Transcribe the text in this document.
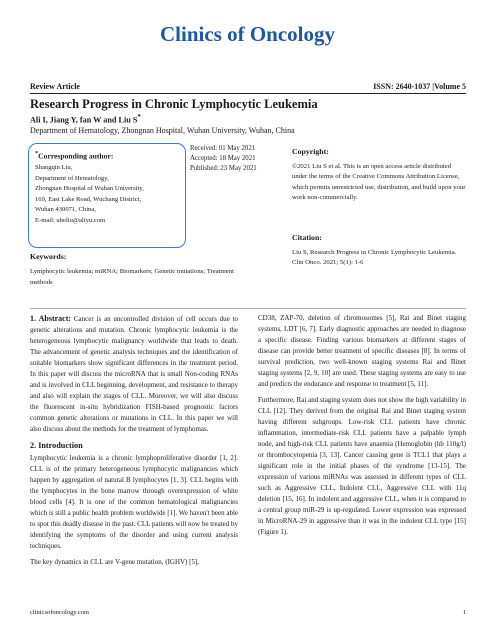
Clinics of Oncology
Review Article	ISSN: 2640-1037 |Volume 5
Research Progress in Chronic Lymphocytic Leukemia
Ali I, Jiang Y, fan W and Liu S*
Department of Hematology, Zhongnan Hospital, Wuhan University, Wuhan, China
*Corresponding author:
Shangqin Liu,
Department of Hematology,
Zhongnan Hospital of Wuhan University,
169, East Lake Road, Wuchang District,
Wuhan 430071, China,
E-mail: ubeliu@aliyu.com
Received: 01 May 2021
Accepted: 18 May 2021
Published: 23 May 2021
Copyright:
©2021 Liu S et al. This is an open access article distributed under the terms of the Creative Commons Attribution License, which permits unrestricted use, distribution, and build upon your work non-commercially.
Citation:
Liu S, Research Progress in Chronic Lymphocytic Leukemia. Clin Onco. 2021; 5(1): 1-6
Keywords:
Lymphocytic leukemia; miRNA; Biomarkers; Genetic mutations; Treatment methods

1. Abstract: Cancer is an uncontrolled division of cell occurs due to genetic alterations and mutation. Chronic lymphocytic leukemia is the heterogeneous lymphocytic malignancy worldwide that leads to death. The advancement of genetic analysis techniques and the identification of suitable biomarkers show significant differences in the treatment period. In this paper will discuss the microRNA that is small Non-coding RNAs and is involved in CLL beginning, development, and resistance to therapy and also will explain the stages of CLL. Moreover, we will also discuss the fluorescent in-situ hybridization FISH-based prognostic factors common genetic alterations or mutations in CLL. In this paper we will also discuss about the methods for the treatment of lymphomas.

2. Introduction

Lymphocytic leukemia is a chronic lymphoproliferative disorder [1, 2]. CLL is of the primary heterogeneous lymphocytic malignancies which happen by aggregation of natural B lymphocytes [1, 3]. CLL begins with the lymphocytes in the bone marrow through overexpression of white blood cells [4]. It is one of the common hematological malignancies which is still a public health problem worldwide [1]. We haven't been able to spot this deadly disease in the past. CLL patients will now be treated by identifying the symptoms of the disorder and using current analysis techniques.

The key dynamics in CLL are V-gene mutation, (IGHV) [5],

CD38, ZAP-70, deletion of chromosomes [5], Rai and Binet staging systems, LDT [6, 7]. Early diagnostic approaches are needed to diagnose a specific disease. Finding various biomarkers at different stages of disease can provide better treatment of specific diseases [8]. In terms of survival prediction, two well-known staging systems Rai and Binet staging systems [2, 9, 10] are used. These staging systems are easy to use and predicts the endurance and response to treatment [5, 11].

Furthermore, Rai and staging system does not show the high variability in CLL [12]. They derived from the original Rai and Binet staging system having different subgroups. Low-risk CLL patients have chronic inflammation, intermediate-risk CLL patients have a palpable lymph node, and high-risk CLL patients have anaemia (Hemoglobin (hb 110g/l) or thrombocytopenia [3, 13]. Cancer causing gene is TCL1 that plays a significant role in the initial phases of the syndrome [13-15]. The expression of various miRNAs was assessed in different types of CLL such as Aggressive CLL, Indolent CLL, Aggressive CLL with 11q deletion [15, 16]. In indolent and aggressive CLL, when it is compared to a central group miR-29 is up-regulated. Lower expression was expressed in MicroRNA-29 in aggressive than it was in the indolent CLL type [15] (Figure 1).

clinicsofoncology.com	1
